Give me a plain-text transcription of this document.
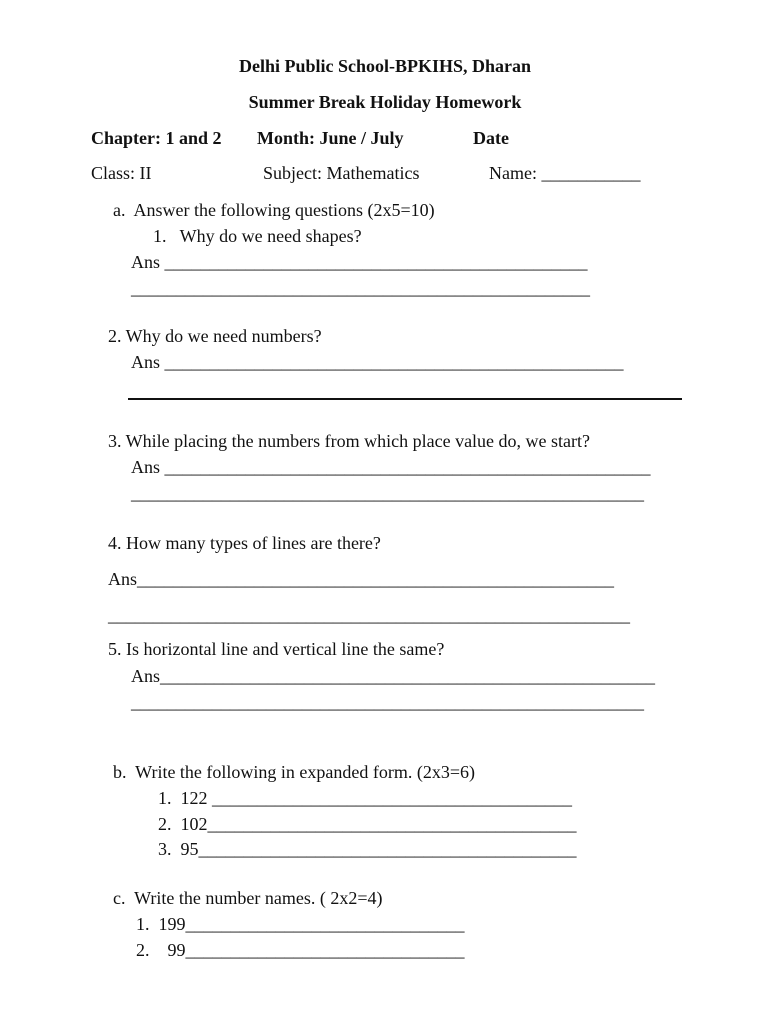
Delhi Public School-BPKIHS, Dharan
Summer Break Holiday Homework
Chapter: 1 and 2 Month: June / July	Date
Class: II	Subject: Mathematics	Name: ___________
a.  Answer the following questions (2x5=10)
1.   Why do we need shapes?
Ans _______________________________________________
___________________________________________________
2. Why do we need numbers?
Ans ___________________________________________________
3. While placing the numbers from which place value do, we start?
Ans ______________________________________________________
_________________________________________________________
4. How many types of lines are there?
Ans_____________________________________________________
__________________________________________________________
5. Is horizontal line and vertical line the same?
Ans_______________________________________________________
_________________________________________________________
b.  Write the following in expanded form. (2x3=6)
1.  122 ________________________________________
2.  102_________________________________________
3.  95__________________________________________
c.  Write the number names. ( 2x2=4)
1.  199_______________________________
2.    99_______________________________
